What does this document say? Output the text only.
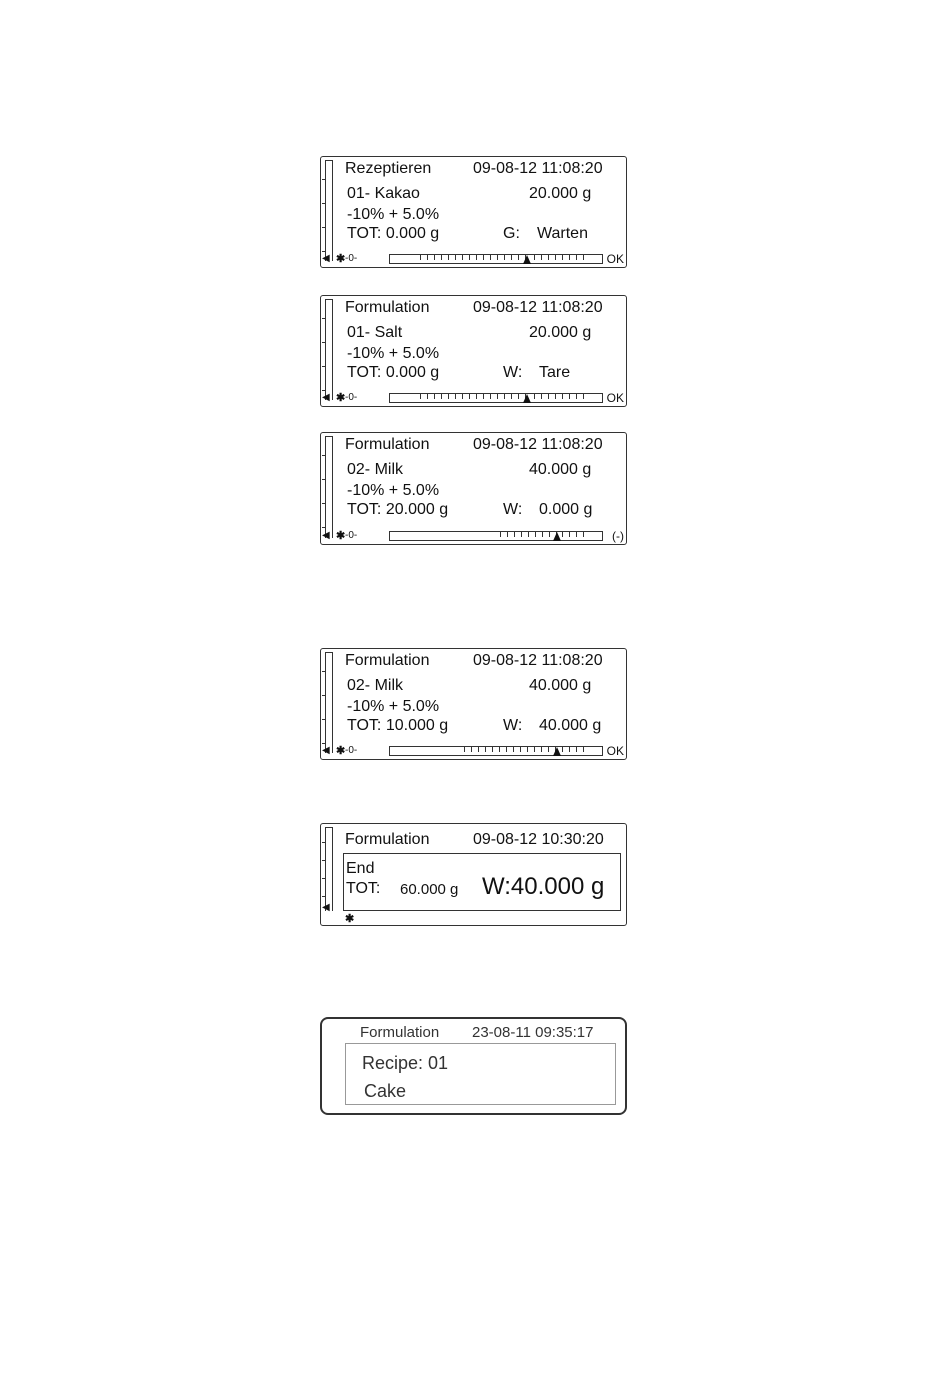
◀ ✱
Rezeptieren	09-08-12 11:08:20
01- Kakao	20.000 g
-10% + 5.0%
TOT: 0.000 g	G: Warten
-0-	OK
◀ ✱
Formulation	09-08-12 11:08:20
01- Salt	20.000 g
-10% + 5.0%
TOT: 0.000 g	W: Tare
-0-	OK
◀ ✱
Formulation	09-08-12 11:08:20
02- Milk	40.000 g
-10% + 5.0%
TOT: 20.000 g	W: 0.000 g
-0-	(-)
◀ ✱
Formulation	09-08-12 11:08:20
02- Milk	40.000 g
-10% + 5.0%
TOT: 10.000 g	W: 40.000 g
-0-	OK
◀
✱
Formulation	09-08-12 10:30:20
End
TOT: 60.000 g W:40.000 g
Formulation 23-08-11 09:35:17
Recipe: 01
Cake
